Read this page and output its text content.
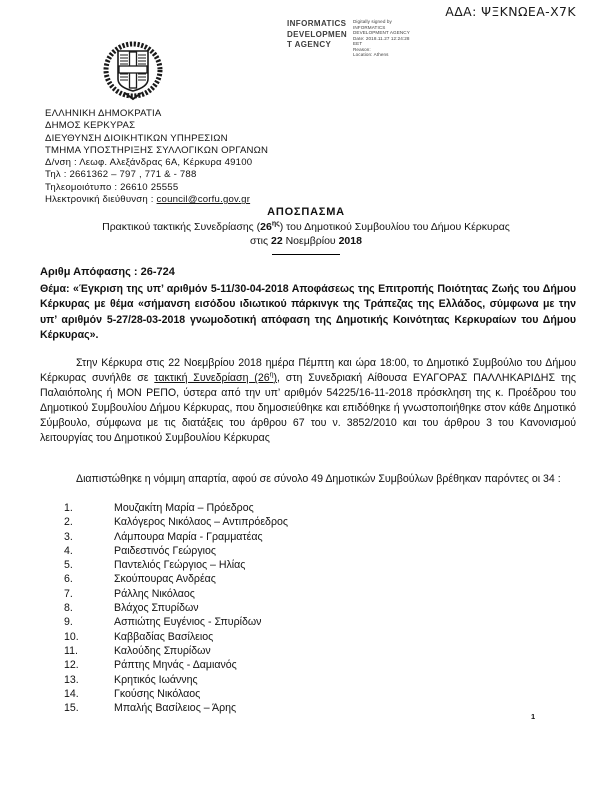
ΑΔΑ: ΨΞΚΝΩΕΑ-Χ7Κ
INFORMATICS
DEVELOPMEN
T AGENCY
Digitally signed by
INFORMATICS
DEVELOPMENT AGENCY
Date: 2018.11.27 12:24:28
EET
Reason:
Location: Athens
ΕΛΛΗΝΙΚΗ ΔΗΜΟΚΡΑΤΙΑ
ΔΗΜΟΣ ΚΕΡΚΥΡΑΣ
ΔΙΕΥΘΥΝΣΗ ΔΙΟΙΚΗΤΙΚΩΝ ΥΠΗΡΕΣΙΩΝ
ΤΜΗΜΑ ΥΠΟΣΤΗΡΙΞΗΣ ΣΥΛΛΟΓΙΚΩΝ ΟΡΓΑΝΩΝ
Δ/νση : Λεωφ. Αλεξάνδρας 6Α, Κέρκυρα 49100
Τηλ : 2661362 – 797 , 771 & - 788
Τηλεομοιότυπο : 26610 25555
Ηλεκτρονική διεύθυνση : council@corfu.gov.gr
ΑΠΟΣΠΑΣΜΑ
Πρακτικού τακτικής Συνεδρίασης $(26^{\eta\varsigma})$ του Δημοτικού Συμβουλίου του Δήμου Κέρκυρας
στις 22 Νοεμβρίου 2018
Αριθμ Απόφασης : 26-724
Θέμα: «Έγκριση της υπ’ αριθμόν 5-11/30-04-2018 Αποφάσεως της Επιτροπής Ποιότητας Ζωής του Δήμου Κέρκυρας με θέμα «σήμανση εισόδου ιδιωτικού πάρκινγκ της Τράπεζας της Ελλάδος, σύμφωνα με την υπ’ αριθμόν 5-27/28-03-2018 γνωμοδοτική απόφαση της Δημοτικής Κοινότητας Κερκυραίων του Δήμου Κέρκυρας».
Στην Κέρκυρα στις 22 Νοεμβρίου 2018 ημέρα Πέμπτη και ώρα 18:00, το Δημοτικό Συμβούλιο του Δήμου Κέρκυρας συνήλθε σε τακτική Συνεδρίαση $(26^\eta)$, στη Συνεδριακή Αίθουσα ΕΥΑΓΟΡΑΣ ΠΑΛΛΗΚΑΡΙΔΗΣ της Παλαιόπολης ή ΜΟΝ ΡΕΠΟ, ύστερα από την υπ’ αριθμόν 54225/16-11-2018 πρόσκληση της κ. Προέδρου του Δημοτικού Συμβουλίου Δήμου Κέρκυρας, που δημοσιεύθηκε και επιδόθηκε ή γνωστοποιήθηκε στον κάθε Δημοτικό Σύμβουλο, σύμφωνα με τις διατάξεις του άρθρου 67 του ν. 3852/2010 και του άρθρου 3 του Κανονισμού λειτουργίας του Δημοτικού Συμβουλίου Κέρκυρας
Διαπιστώθηκε η νόμιμη απαρτία, αφού σε σύνολο 49 Δημοτικών Συμβούλων βρέθηκαν παρόντες οι 34 :
1.	Μουζακίτη Μαρία – Πρόεδρος
2.	Καλόγερος Νικόλαος – Αντιπρόεδρος
3.	Λάμπουρα Μαρία - Γραμματέας
4.	Ραιδεστινός Γεώργιος
5.	Παντελιός Γεώργιος – Ηλίας
6.	Σκούπουρας Ανδρέας
7.	Ράλλης Νικόλαος
8.	Βλάχος Σπυρίδων
9.	Ασπιώτης Ευγένιος - Σπυρίδων
10.	Καββαδίας Βασίλειος
11.	Καλούδης Σπυρίδων
12.	Ράπτης Μηνάς - Δαμιανός
13.	Κρητικός Ιωάννης
14.	Γκούσης Νικόλαος
15.	Μπαλής Βασίλειος – Άρης
1
